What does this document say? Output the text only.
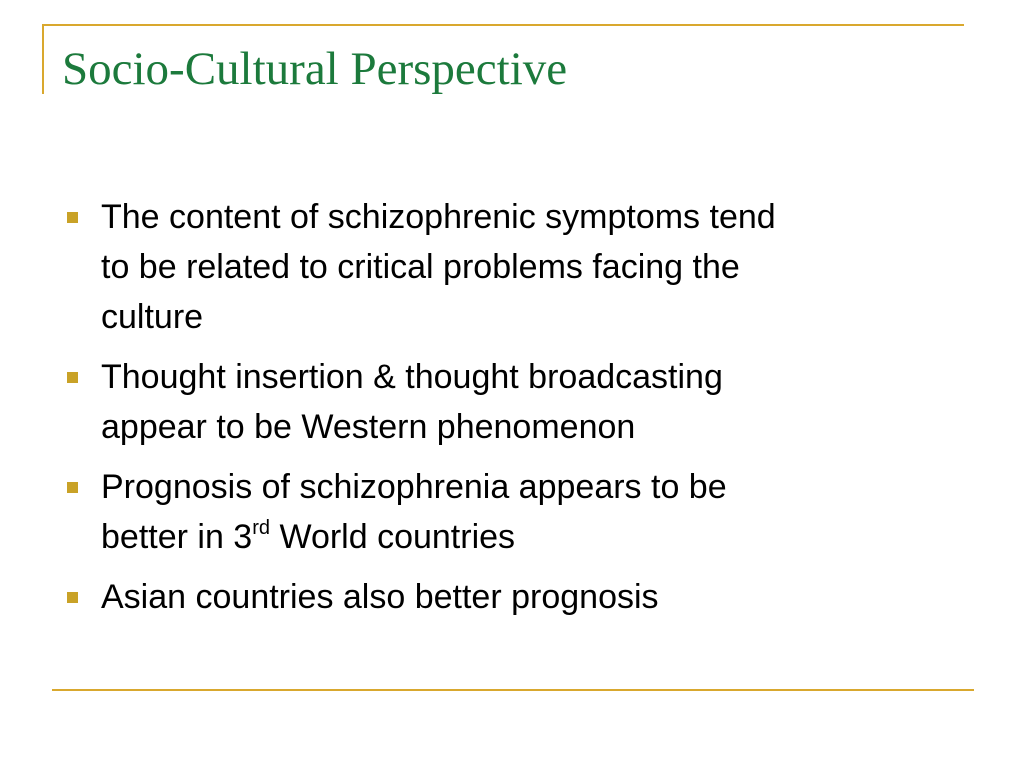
Socio-Cultural Perspective

The content of schizophrenic symptoms tend

to be related to critical problems facing the

culture

Thought insertion & thought broadcasting

appear to be Western phenomenon

Prognosis of schizophrenia appears to be

better in 3rd World countries

Asian countries also better prognosis
